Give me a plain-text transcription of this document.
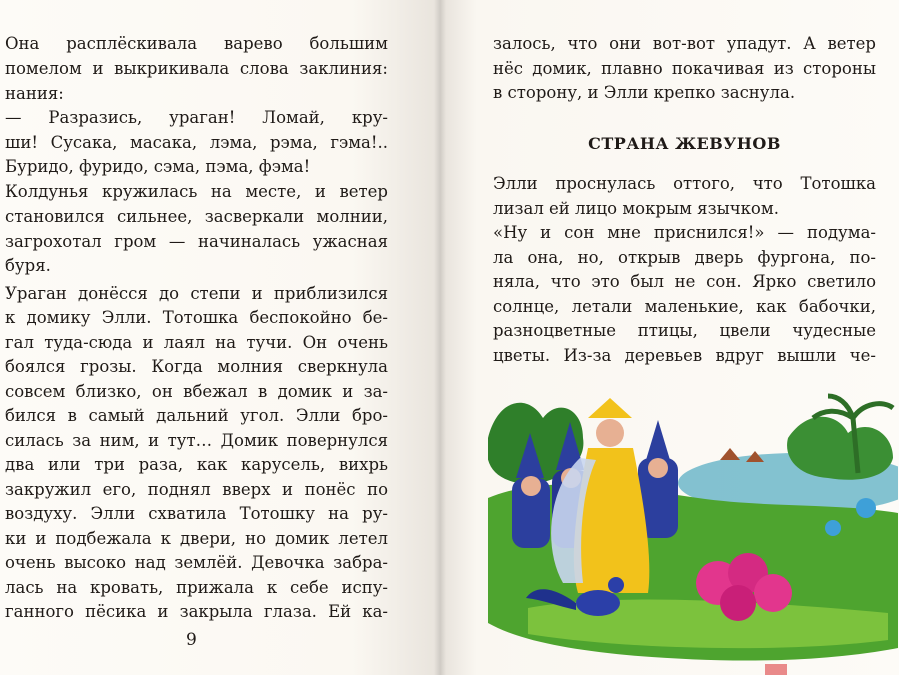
Она расплёскивала варево большим
помелом и выкрикивала слова заклиния:
нания:
— Разразись, ураган! Ломай, кру-
ши! Сусака, масака, лэма, рэма, гэма!..
Буридо, фуридо, сэма, пэма, фэма!
Колдунья кружилась на месте, и ветер
становился сильнее, засверкали молнии,
загрохотал гром — начиналась ужасная
буря.
Ураган донёсся до степи и приблизился
к домику Элли. Тотошка беспокойно бе-
гал туда-сюда и лаял на тучи. Он очень
боялся грозы. Когда молния сверкнула
совсем близко, он вбежал в домик и за-
бился в самый дальний угол. Элли бро-
силась за ним, и тут… Домик повернулся
два или три раза, как карусель, вихрь
закружил его, поднял вверх и понёс по
воздуху. Элли схватила Тотошку на ру-
ки и подбежала к двери, но домик летел
очень высоко над землёй. Девочка забра-
лась на кровать, прижала к себе испу-
ганного пёсика и закрыла глаза. Ей ка-
9
залось, что они вот-вот упадут. А ветер
нёс домик, плавно покачивая из стороны
в сторону, и Элли крепко заснула.
СТРАНА ЖЕВУНОВ
Элли проснулась оттого, что Тотошка
лизал ей лицо мокрым язычком.
«Ну и сон мне приснился!» — подума-
ла она, но, открыв дверь фургона, по-
няла, что это был не сон. Ярко светило
солнце, летали маленькие, как бабочки,
разноцветные птицы, цвели чудесные
цветы. Из-за деревьев вдруг вышли че-
